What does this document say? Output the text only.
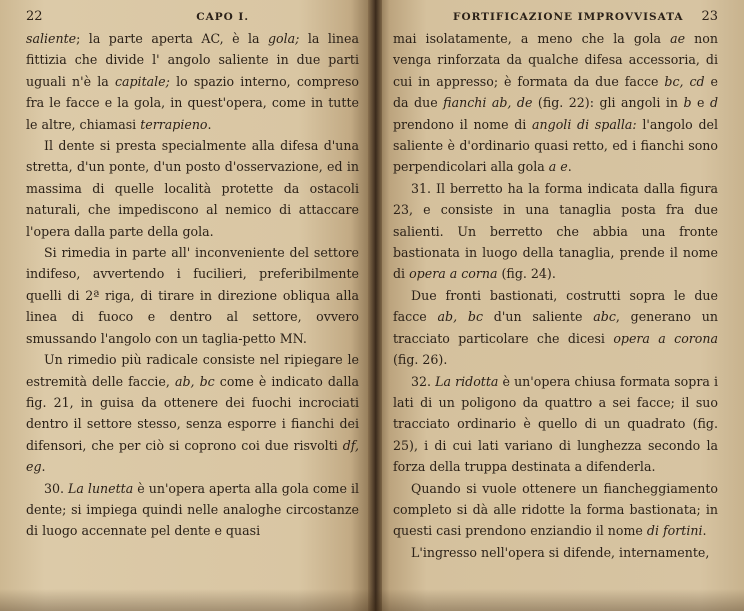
22	CAPO I.

saliente; la parte aperta AC, è la gola; la linea fittizia che divide l' angolo saliente in due parti uguali n'è la capitale; lo spazio interno, compreso fra le facce e la gola, in quest'opera, come in tutte le altre, chiamasi terrapieno.

Il dente si presta specialmente alla difesa d'una stretta, d'un ponte, d'un posto d'osservazione, ed in massima di quelle località protette da ostacoli naturali, che impediscono al nemico di attaccare l'opera dalla parte della gola.

Si rimedia in parte all' inconveniente del settore indifeso, avvertendo i fucilieri, preferibilmente quelli di 2ª riga, di tirare in direzione obliqua alla linea di fuoco e dentro al settore, ovvero smussando l'angolo con un taglia-petto MN.

Un rimedio più radicale consiste nel ripiegare le estremità delle faccie, ab, bc come è indicato dalla fig. 21, in guisa da ottenere dei fuochi incrociati dentro il settore stesso, senza esporre i fianchi dei difensori, che per ciò si coprono coi due risvolti df, eg.

30. La lunetta è un'opera aperta alla gola come il dente; si impiega quindi nelle analoghe circostanze di luogo accennate pel dente e quasi

FORTIFICAZIONE IMPROVVISATA 23

mai isolatamente, a meno che la gola ae non venga rinforzata da qualche difesa accessoria, di cui in appresso; è formata da due facce bc, cd e da due fianchi ab, de (fig. 22): gli angoli in b e d prendono il nome di angoli di spalla: l'angolo del saliente è d'ordinario quasi retto, ed i fianchi sono perpendicolari alla gola a e.

31. Il berretto ha la forma indicata dalla figura 23, e consiste in una tanaglia posta fra due salienti. Un berretto che abbia una fronte bastionata in luogo della tanaglia, prende il nome di opera a corna (fig. 24).

Due fronti bastionati, costrutti sopra le due facce ab, bc d'un saliente abc, generano un tracciato particolare che dicesi opera a corona (fig. 26).

32. La ridotta è un'opera chiusa formata sopra i lati di un poligono da quattro a sei facce; il suo tracciato ordinario è quello di un quadrato (fig. 25), i di cui lati variano di lunghezza secondo la forza della truppa destinata a difenderla.

Quando si vuole ottenere un fiancheggiamento completo si dà alle ridotte la forma bastionata; in questi casi prendono enziandio il nome di fortini.

L'ingresso nell'opera si difende, internamente,
